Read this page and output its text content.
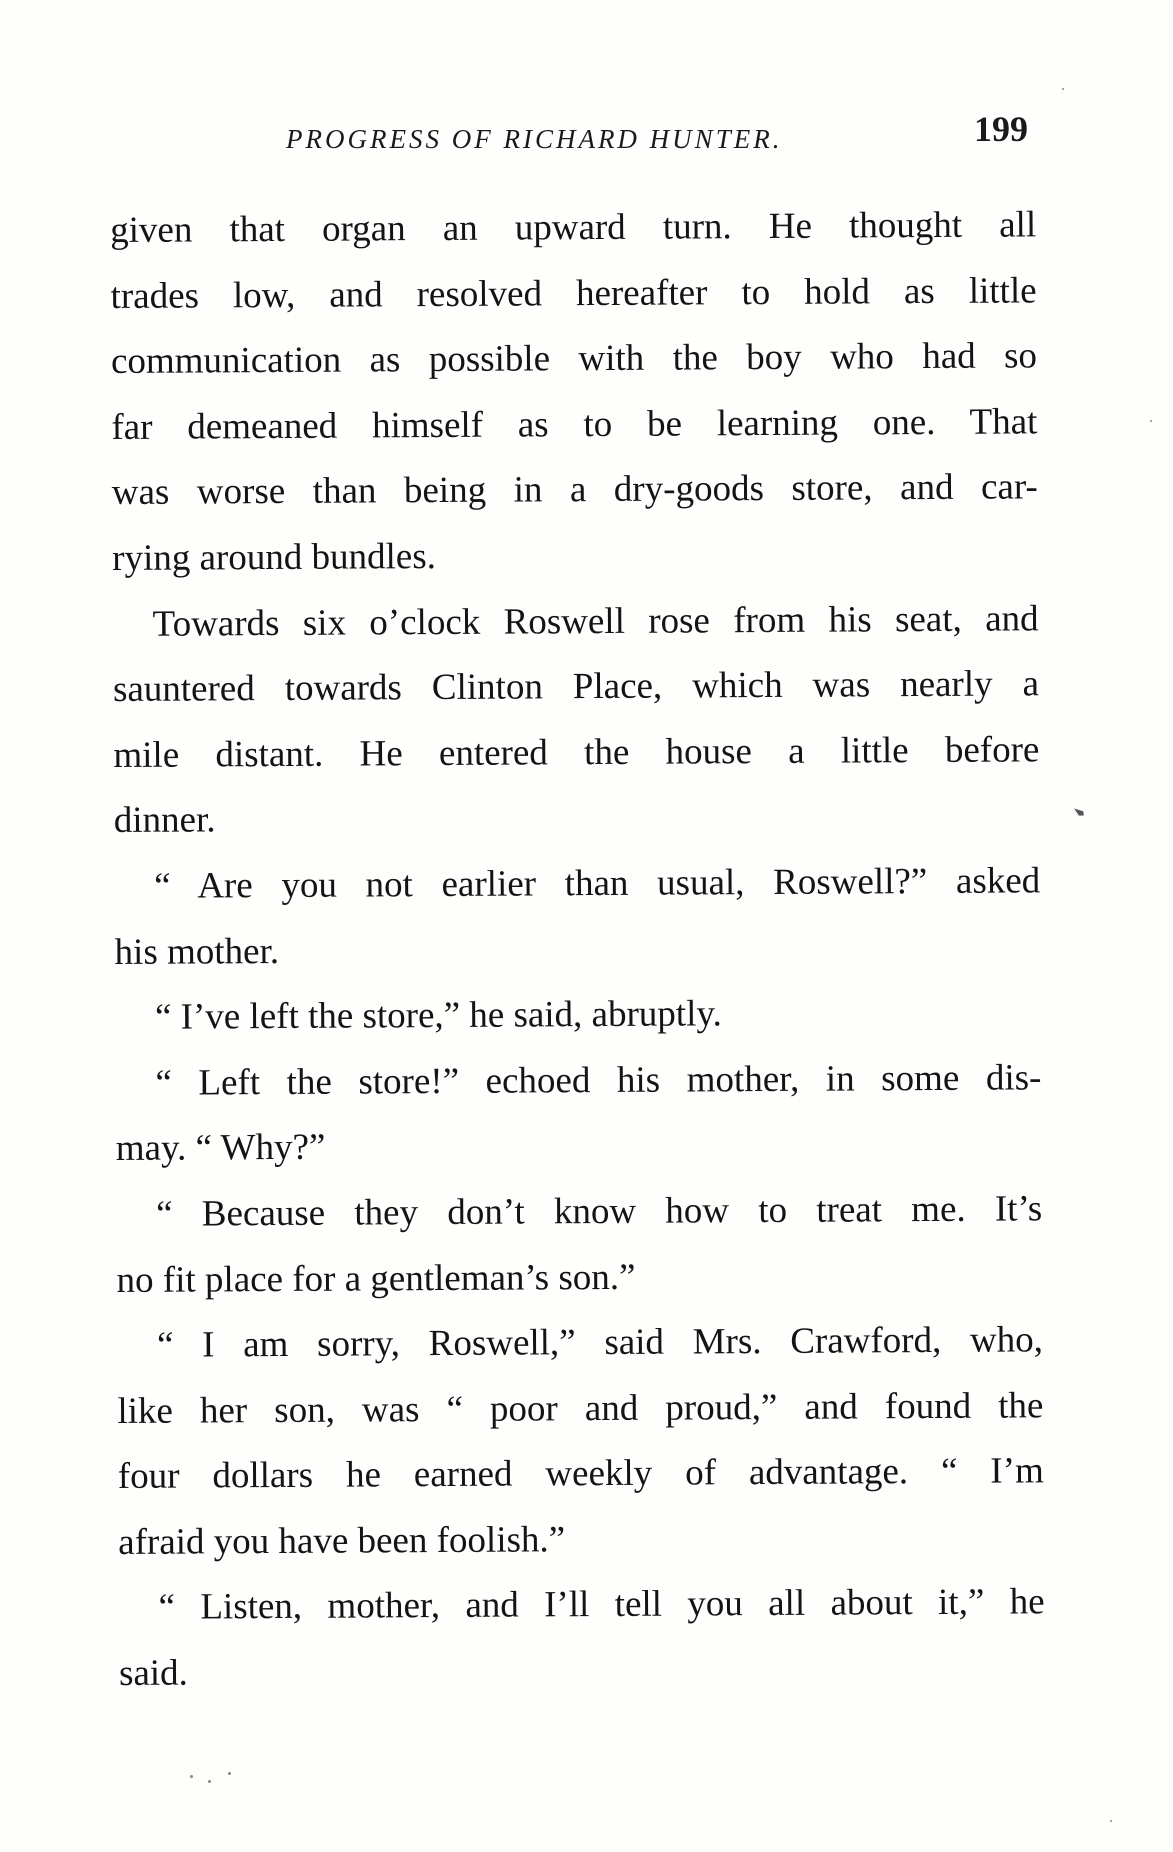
PROGRESS OF RICHARD HUNTER.	199
given that organ an upward turn. He thought all
trades low, and resolved hereafter to hold as little
communication as possible with the boy who had so
far demeaned himself as to be learning one. That
was worse than being in a dry-goods store, and car-
rying around bundles.
Towards six o’clock Roswell rose from his seat, and
sauntered towards Clinton Place, which was nearly a
mile distant. He entered the house a little before
dinner.
“ Are you not earlier than usual, Roswell?” asked
his mother.
“ I’ve left the store,” he said, abruptly.
“ Left the store!” echoed his mother, in some dis-
may. “ Why?”
“ Because they don’t know how to treat me. It’s
no fit place for a gentleman’s son.”
“ I am sorry, Roswell,” said Mrs. Crawford, who,
like her son, was “ poor and proud,” and found the
four dollars he earned weekly of advantage. “ I’m
afraid you have been foolish.”
“ Listen, mother, and I’ll tell you all about it,” he
said.
